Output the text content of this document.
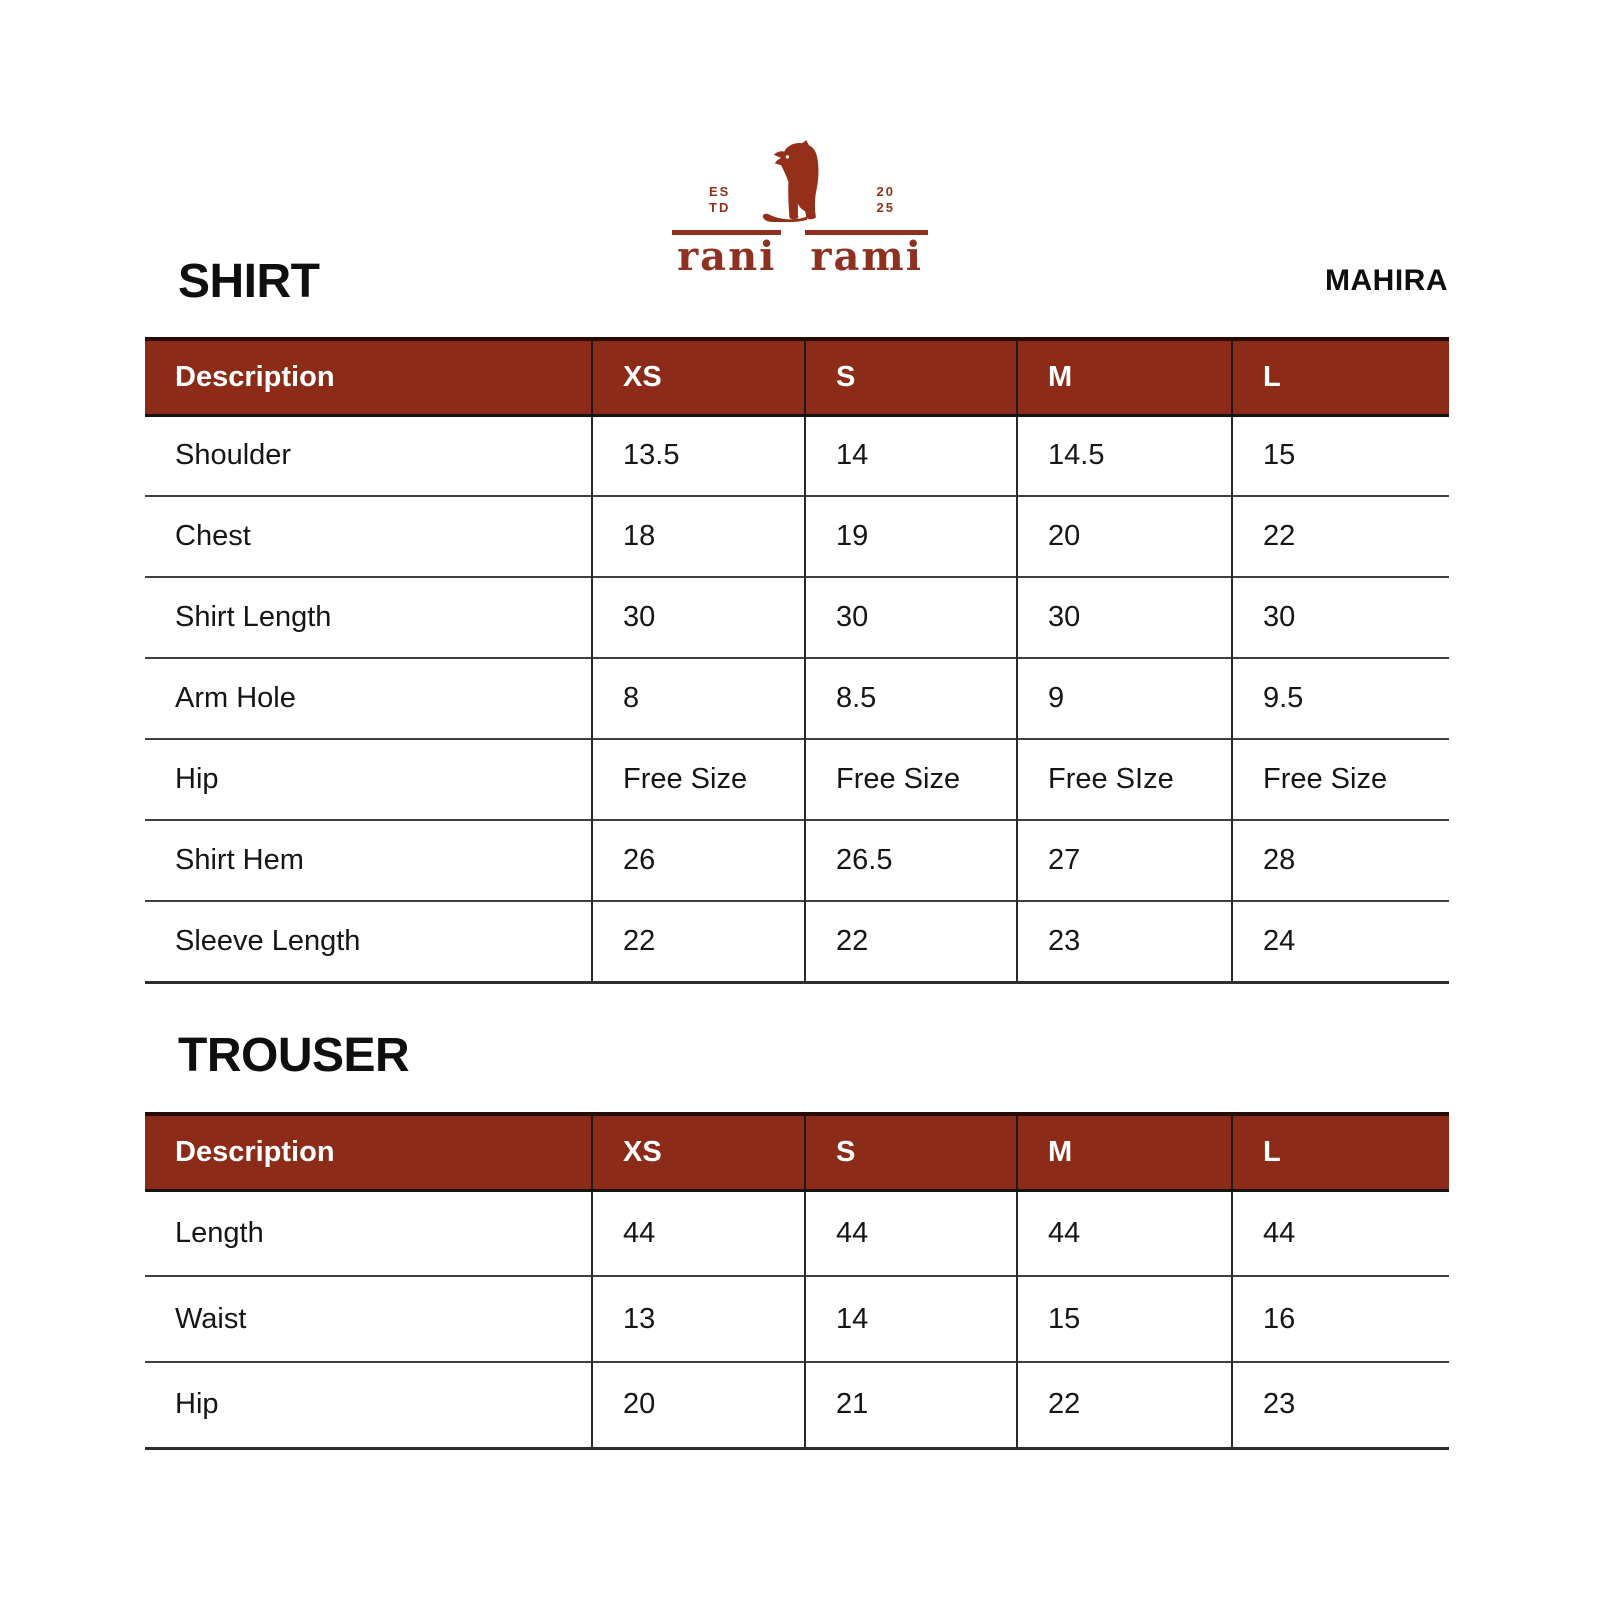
ES
TD
20
25
rani rami
SHIRT	MAHIRA
Description	XS	S	M	L
Shoulder	13.5	14	14.5	15
Chest	18	19	20	22
Shirt Length	30	30	30	30
Arm Hole	8	8.5	9	9.5
Hip	Free Size	Free Size	Free SIze	Free Size
Shirt Hem	26	26.5	27	28
Sleeve Length	22	22	23	24
TROUSER
Description	XS	S	M	L
Length	44	44	44	44
Waist	13	14	15	16
Hip	20	21	22	23
